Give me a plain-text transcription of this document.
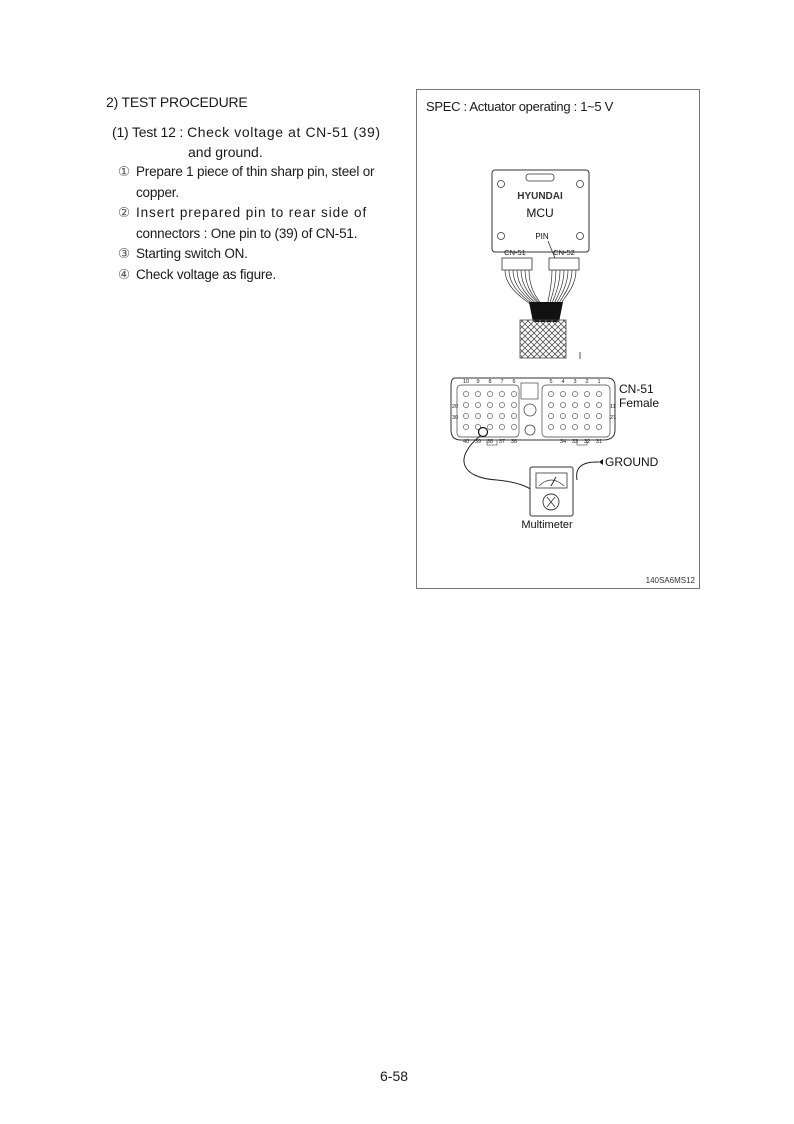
2) TEST PROCEDURE
(1) Test 12 : Check voltage at CN-51 (39)
and ground.
① Prepare 1 piece of thin sharp pin, steel or
copper.
② Insert prepared pin to rear side of
connectors : One pin to (39) of CN-51.
③ Starting switch ON.
④ Check voltage as figure.
SPEC : Actuator operating : 1~5 V
HYUNDAI
MCU
PIN
CN-51	CN-52
10 9 8 7 6	5 4 3 2 1
40 39 38 37 36	34 33 32 31
20
30
11
21
CN-51
Female
GROUND
Multimeter
140SA6MS12
6-58
